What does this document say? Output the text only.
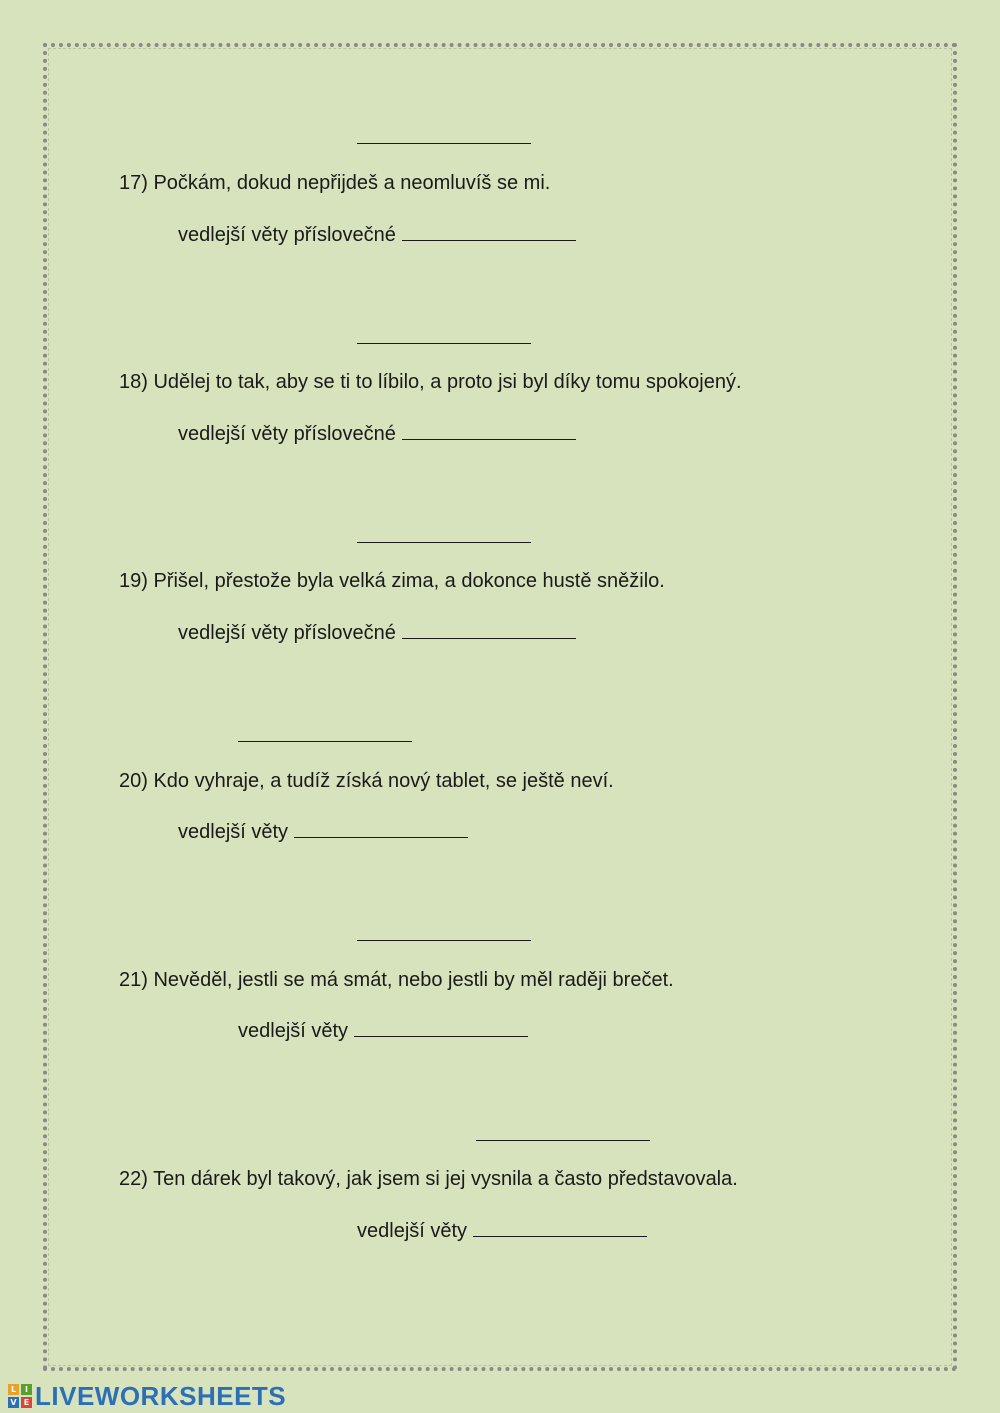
17) Počkám, dokud nepřijdeš a neomluvíš se mi.
vedlejší věty příslovečné
18) Udělej to tak, aby se ti to líbilo, a proto jsi byl díky tomu spokojený.
vedlejší věty příslovečné
19) Přišel, přestože byla velká zima, a dokonce hustě sněžilo.
vedlejší věty příslovečné
20) Kdo vyhraje, a tudíž získá nový tablet, se ještě neví.
vedlejší věty
21) Nevěděl, jestli se má smát, nebo jestli by měl raději brečet.
vedlejší věty
22) Ten dárek byl takový, jak jsem si jej vysnila a často představovala.
vedlejší věty
L	I
V E LIVEWORKSHEETS
